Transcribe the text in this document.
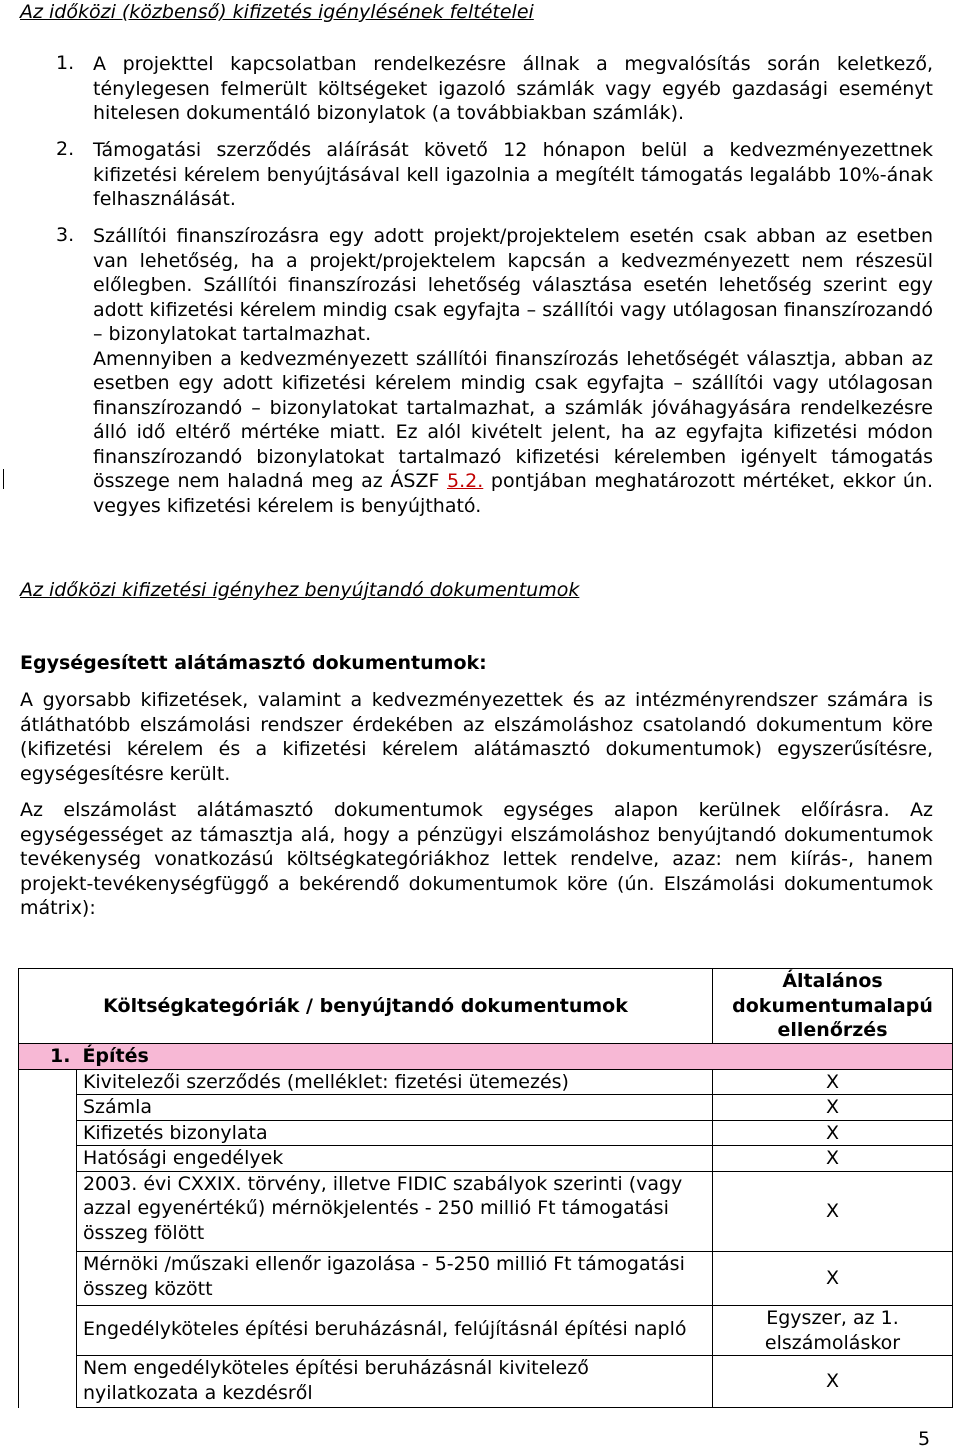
Az időközi (közbenső) kifizetés igénylésének feltételei
1. A projekttel kapcsolatban rendelkezésre állnak a megvalósítás során keletkező, ténylegesen felmerült költségeket igazoló számlák vagy egyéb gazdasági eseményt hitelesen dokumentáló bizonylatok (a továbbiakban számlák).

2. Támogatási szerződés aláírását követő 12 hónapon belül a kedvezményezettnek kifizetési kérelem benyújtásával kell igazolnia a megítélt támogatás legalább 10%-ának felhasználását.

3. Szállítói finanszírozásra egy adott projekt/projektelem esetén csak abban az esetben van lehetőség, ha a projekt/projektelem kapcsán a kedvezményezett nem részesül előlegben. Szállítói finanszírozási lehetőség választása esetén lehetőség szerint egy adott kifizetési kérelem mindig csak egyfajta – szállítói vagy utólagosan finanszírozandó – bizonylatokat tartalmazhat.

Amennyiben a kedvezményezett szállítói finanszírozás lehetőségét választja, abban az esetben egy adott kifizetési kérelem mindig csak egyfajta – szállítói vagy utólagosan finanszírozandó – bizonylatokat tartalmazhat, a számlák jóváhagyására rendelkezésre álló idő eltérő mértéke miatt. Ez alól kivételt jelent, ha az egyfajta kifizetési módon finanszírozandó bizonylatokat tartalmazó kifizetési kérelemben igényelt támogatás összege nem haladná meg az ÁSZF 5.2. pontjában meghatározott mértéket, ekkor ún. vegyes kifizetési kérelem is benyújtható.

Az időközi kifizetési igényhez benyújtandó dokumentumok
Egységesített alátámasztó dokumentumok:

A gyorsabb kifizetések, valamint a kedvezményezettek és az intézményrendszer számára is átláthatóbb elszámolási rendszer érdekében az elszámoláshoz csatolandó dokumentum köre (kifizetési kérelem és a kifizetési kérelem alátámasztó dokumentumok) egyszerűsítésre, egységesítésre került.

Az elszámolást alátámasztó dokumentumok egységes alapon kerülnek előírásra. Az egységességet az támasztja alá, hogy a pénzügyi elszámoláshoz benyújtandó dokumentumok tevékenység vonatkozású költségkategóriákhoz lettek rendelve, azaz: nem kiírás-, hanem projekt-tevékenységfüggő a bekérendő dokumentumok köre (ún. Elszámolási dokumentumok mátrix):

Költségkategóriák / benyújtandó dokumentumok		Általános dokumentumalapú ellenőrzés
1.	Építés	
	Kivitelezői szerződés (melléklet: fizetési ütemezés)	X
	Számla	X
	Kifizetés bizonylata	X
	Hatósági engedélyek	X
	2003. évi CXXIX. törvény, illetve FIDIC szabályok szerinti (vagy azzal egyenértékű) mérnökjelentés - 250 millió Ft támogatási összeg fölött	X
	Mérnöki /műszaki ellenőr igazolása - 5-250 millió Ft támogatási összeg között	X
	Engedélyköteles építési beruházásnál, felújításnál építési napló	Egyszer, az 1. elszámoláskor
	Nem engedélyköteles építési beruházásnál kivitelező nyilatkozata a kezdésről	X
5
